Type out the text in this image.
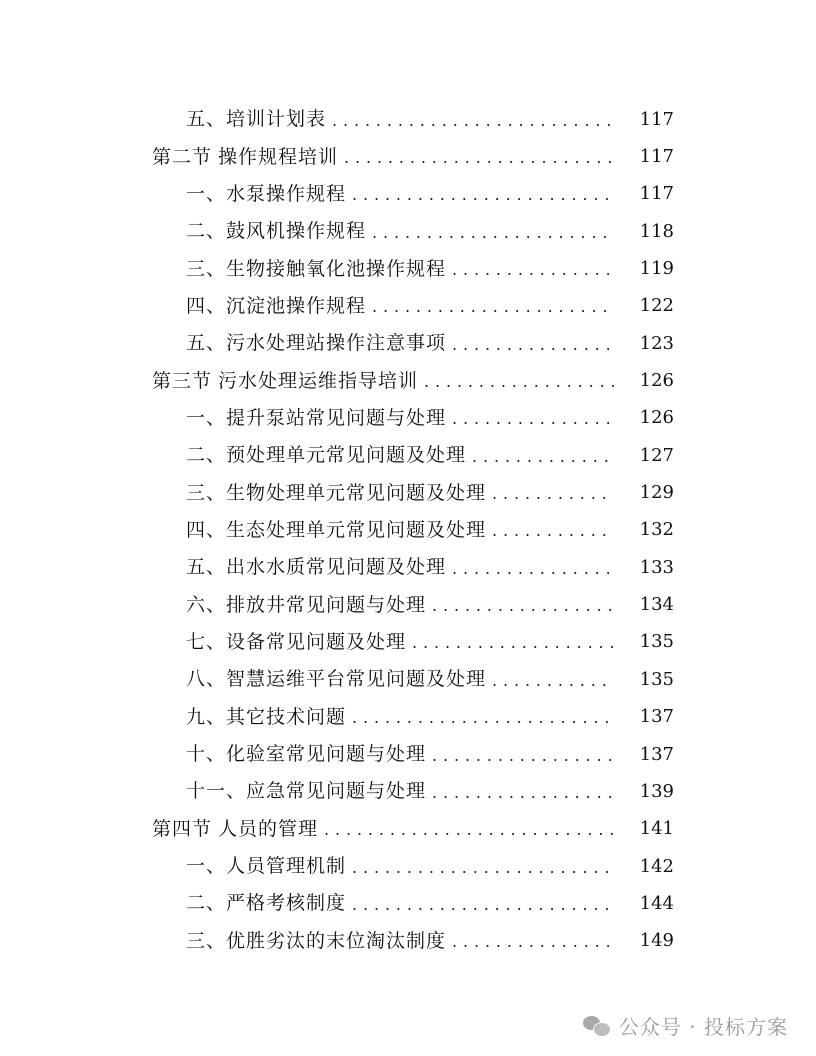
五、 培训计划表 . . .	117
第二节 操作规程培训 . . .	117
一、 水泵操作规程 . . .	117
二、 鼓风机操作规程 . . .	118
三、 生物接触氧化池操作规程 . . .	119
四、 沉淀池操作规程 . . .	122
五、 污水处理站操作注意事项 . . .	123
第三节 污水处理运维指导培训 . . .	126
一、 提升泵站常见问题与处理 . . .	126
二、 预处理单元常见问题及处理 . . .	127
三、 生物处理单元常见问题及处理 . . .	129
四、 生态处理单元常见问题及处理 . . .	132
五、 出水水质常见问题及处理 . . .	133
六、 排放井常见问题与处理 . . .	134
七、 设备常见问题及处理 . . .	135
八、 智慧运维平台常见问题及处理 . . .	135
九、 其它技术问题 . . .	137
十、 化验室常见问题与处理 . . .	137
十一、 应急常见问题与处理 . . .	139
第四节 人员的管理 . . .	141
一、 人员管理机制 . . .	142
二、 严格考核制度 . . .	144
三、 优胜劣汰的末位淘汰制度 . . .	149
公众号 · 投标方案
